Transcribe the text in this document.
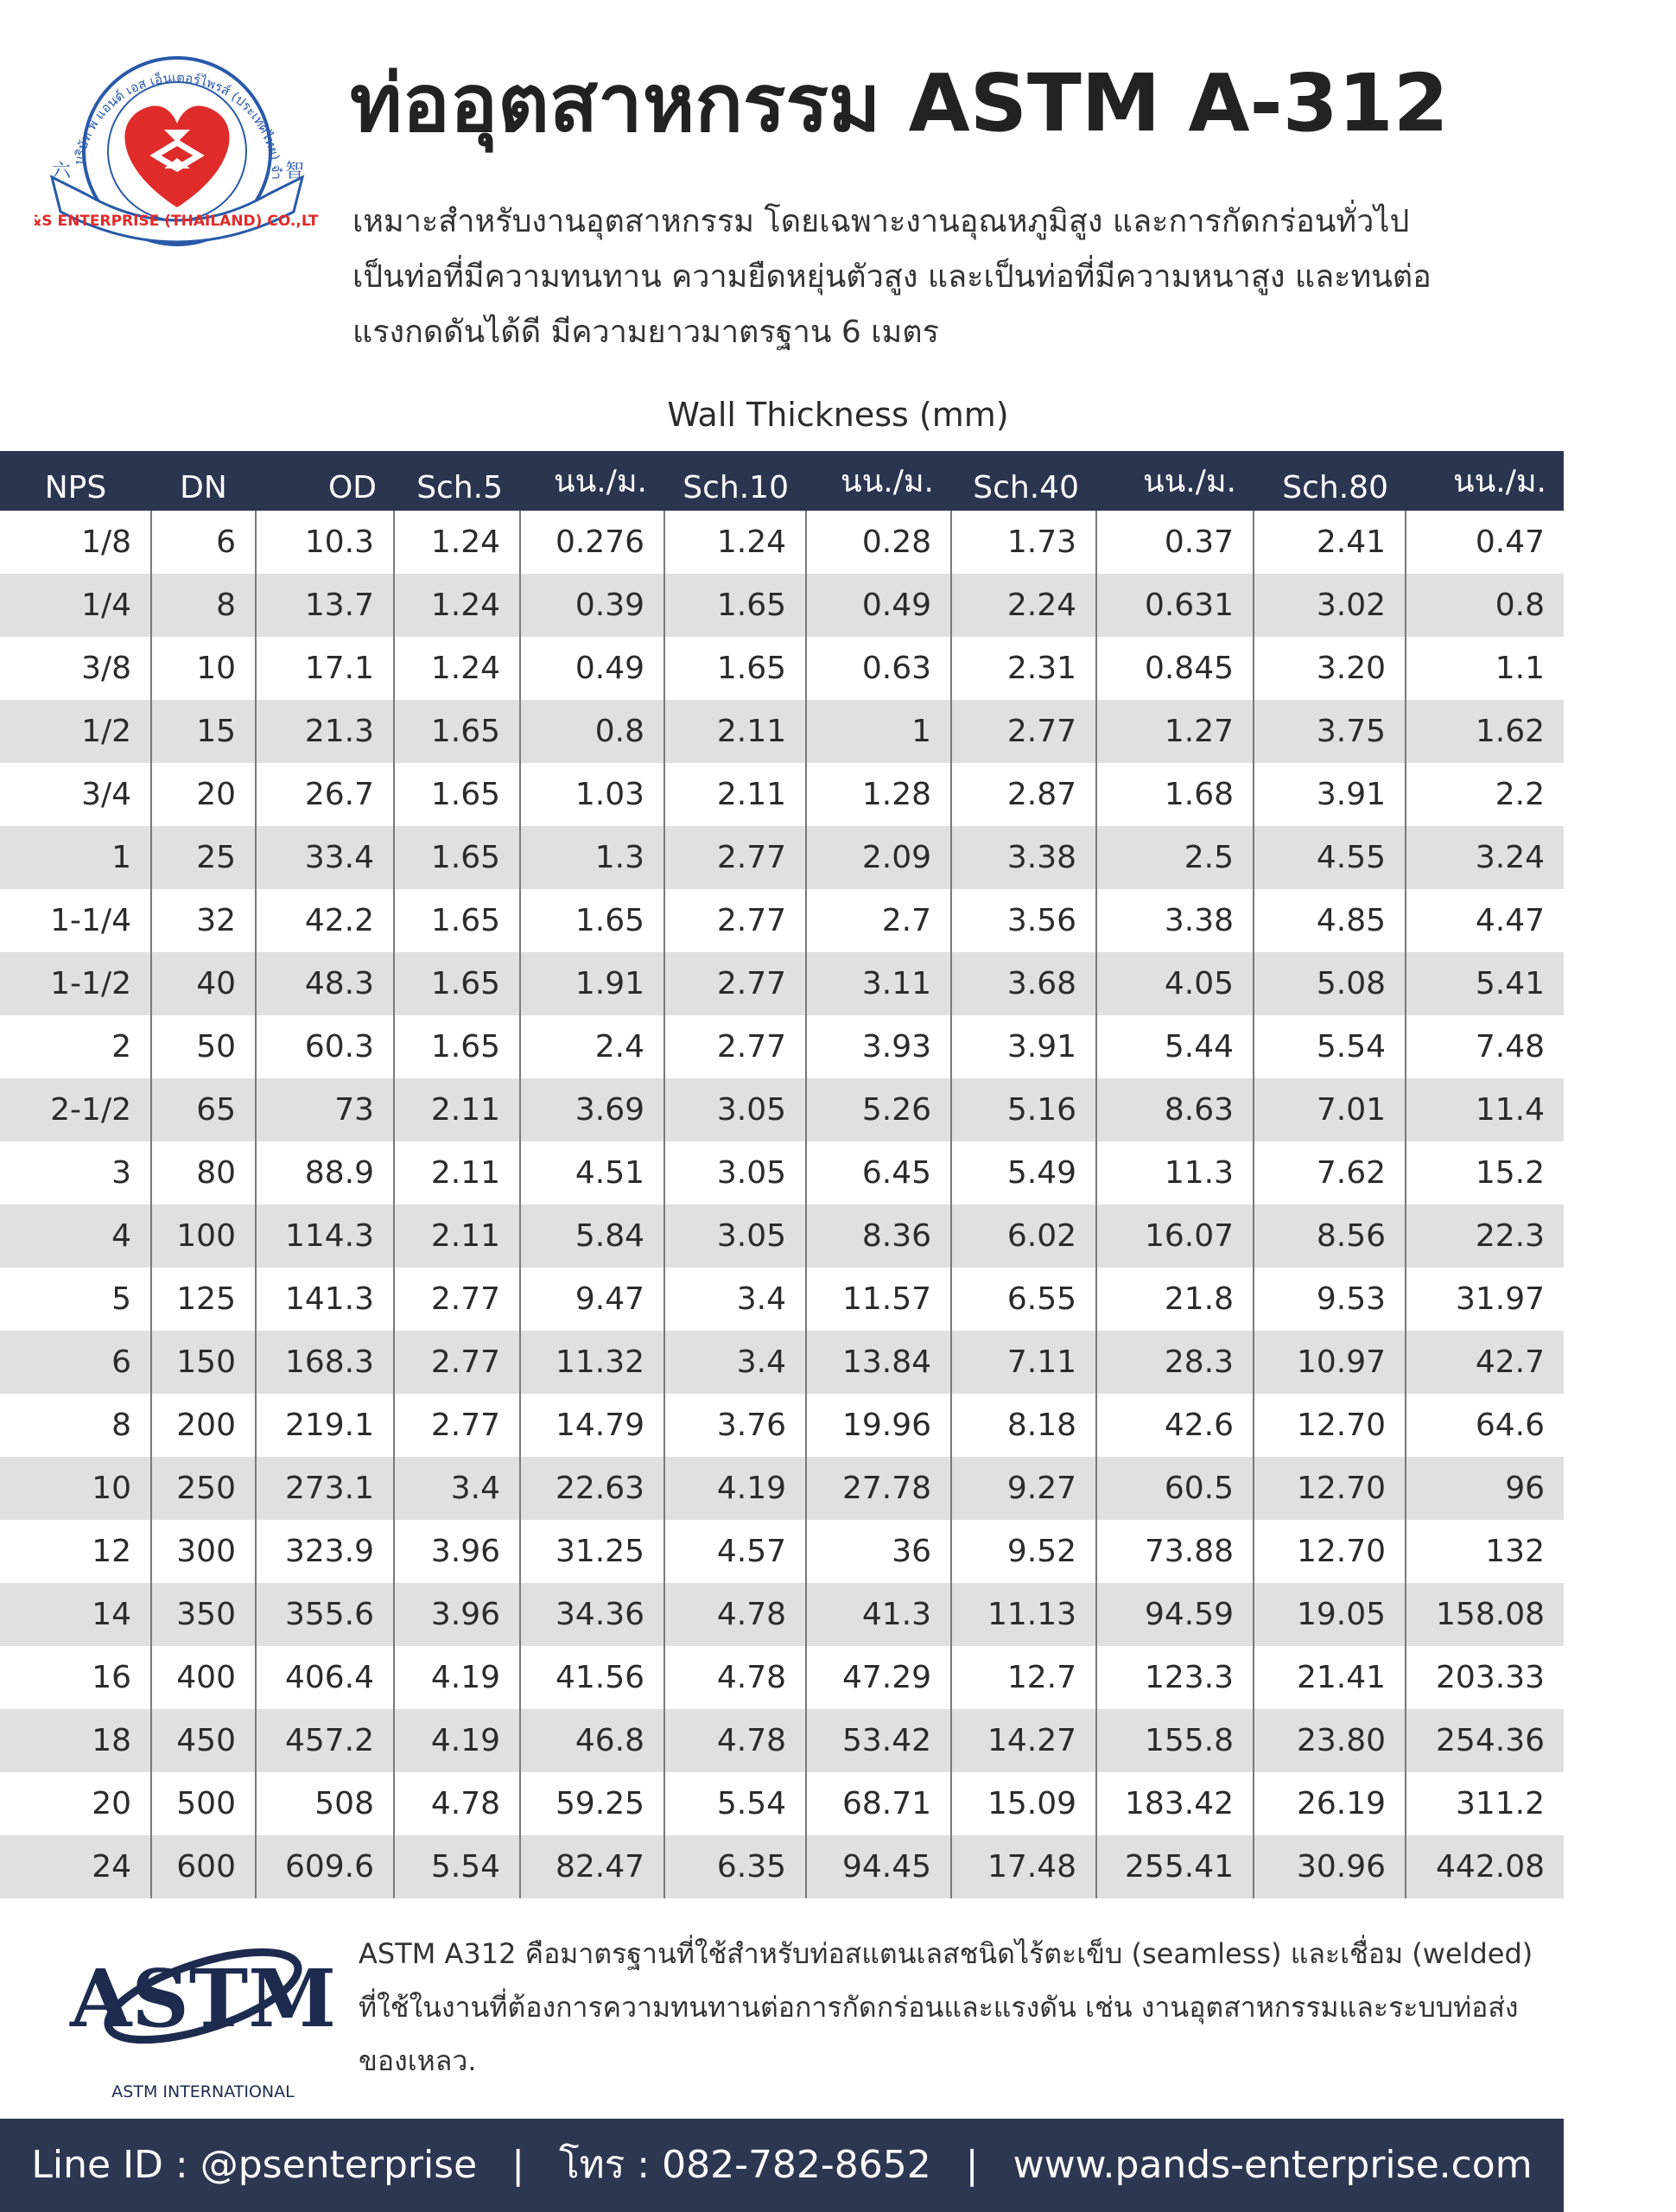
บริษัท พี แอนด์ เอส เอ็นเตอร์ไพรส์ (ประเทศไทย) จำ
S ENTERPRISE (THAILAND) CO.,LT
六	智
ท่ออุตสาหกรรม ASTM A-312
เหมาะสำหรับงานอุตสาหกรรม โดยเฉพาะงานอุณหภูมิสูง และการกัดกร่อนทั่วไป
เป็นท่อที่มีความทนทาน ความยืดหยุ่นตัวสูง และเป็นท่อที่มีความหนาสูง และทนต่อ
แรงกดดันได้ดี มีความยาวมาตรฐาน 6 เมตร
Wall Thickness (mm)
NPS	DN	OD	Sch.5	นน./ม.	Sch.10	นน./ม.	Sch.40	นน./ม.	Sch.80	นน./ม.
1/8	6	10.3	1.24	0.276	1.24	0.28	1.73	0.37	2.41	0.47
1/4	8	13.7	1.24	0.39	1.65	0.49	2.24	0.631	3.02	0.8
3/8	10	17.1	1.24	0.49	1.65	0.63	2.31	0.845	3.20	1.1
1/2	15	21.3	1.65	0.8	2.11	1	2.77	1.27	3.75	1.62
3/4	20	26.7	1.65	1.03	2.11	1.28	2.87	1.68	3.91	2.2
1	25	33.4	1.65	1.3	2.77	2.09	3.38	2.5	4.55	3.24
1-1/4	32	42.2	1.65	1.65	2.77	2.7	3.56	3.38	4.85	4.47
1-1/2	40	48.3	1.65	1.91	2.77	3.11	3.68	4.05	5.08	5.41
2	50	60.3	1.65	2.4	2.77	3.93	3.91	5.44	5.54	7.48
2-1/2	65	73	2.11	3.69	3.05	5.26	5.16	8.63	7.01	11.4
3	80	88.9	2.11	4.51	3.05	6.45	5.49	11.3	7.62	15.2
4	100	114.3	2.11	5.84	3.05	8.36	6.02	16.07	8.56	22.3
5	125	141.3	2.77	9.47	3.4	11.57	6.55	21.8	9.53	31.97
6	150	168.3	2.77	11.32	3.4	13.84	7.11	28.3	10.97	42.7
8	200	219.1	2.77	14.79	3.76	19.96	8.18	42.6	12.70	64.6
10	250	273.1	3.4	22.63	4.19	27.78	9.27	60.5	12.70	96
12	300	323.9	3.96	31.25	4.57	36	9.52	73.88	12.70	132
14	350	355.6	3.96	34.36	4.78	41.3	11.13	94.59	19.05	158.08
16	400	406.4	4.19	41.56	4.78	47.29	12.7	123.3	21.41	203.33
18	450	457.2	4.19	46.8	4.78	53.42	14.27	155.8	23.80	254.36
20	500	508	4.78	59.25	5.54	68.71	15.09	183.42	26.19	311.2
24	600	609.6	5.54	82.47	6.35	94.45	17.48	255.41	30.96	442.08
ASTM
ASTM INTERNATIONAL
ASTM A312 คือมาตรฐานที่ใช้สำหรับท่อสแตนเลสชนิดไร้ตะเข็บ (seamless) และเชื่อม (welded)
ที่ใช้ในงานที่ต้องการความทนทานต่อการกัดกร่อนและแรงดัน เช่น งานอุตสาหกรรมและระบบท่อส่ง
ของเหลว.
Line ID : @psenterprise | โทร : 082-782-8652 | www.pands-enterprise.com
